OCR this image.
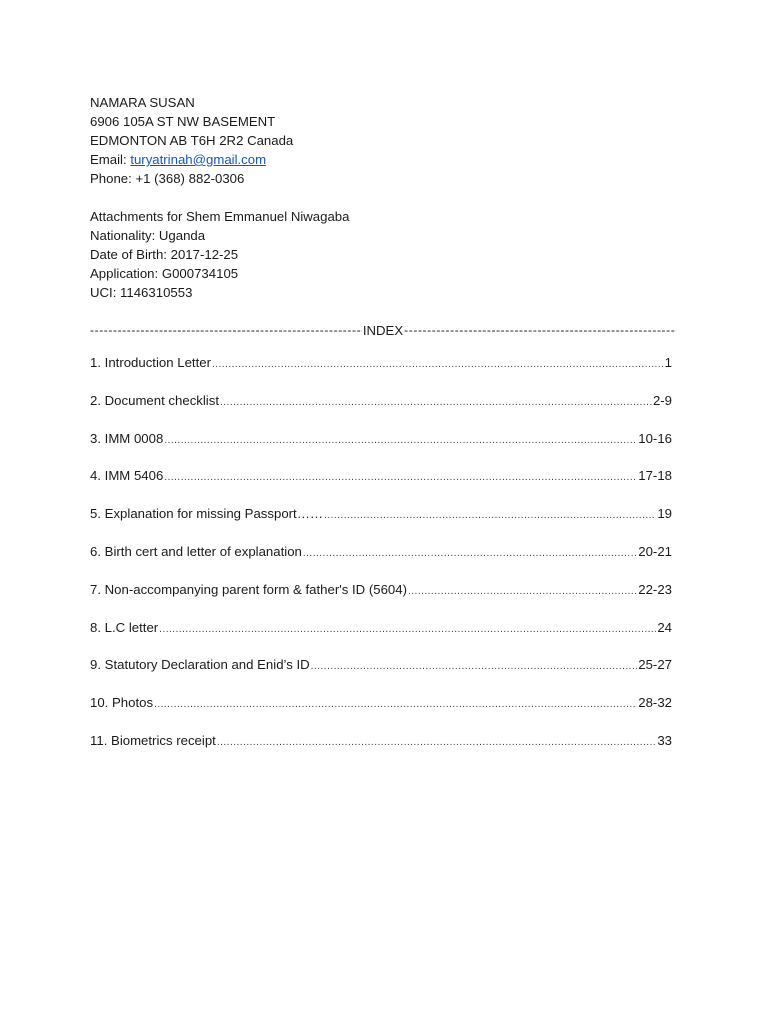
NAMARA SUSAN
6906 105A ST NW BASEMENT
EDMONTON AB T6H 2R2 Canada
Email: turyatrinah@gmail.com
Phone: +1 (368) 882-0306
Attachments for Shem Emmanuel Niwagaba
Nationality: Uganda
Date of Birth: 2017-12-25
Application: G000734105
UCI: 1146310553
-----
INDEX
-----
1. Introduction Letter .....	1
2. Document checklist .....	2-9
3. IMM 0008 .....	10-16
4. IMM 5406 .....	17-18
5. Explanation for missing Passport…… .....	19
6. Birth cert and letter of explanation .....	20-21
7. Non-accompanying parent form & father's ID (5604) .....	22-23
8. L.C letter .....	24
9. Statutory Declaration and Enid’s ID .....	25-27
10. Photos .....	28-32
11. Biometrics receipt .....	33
